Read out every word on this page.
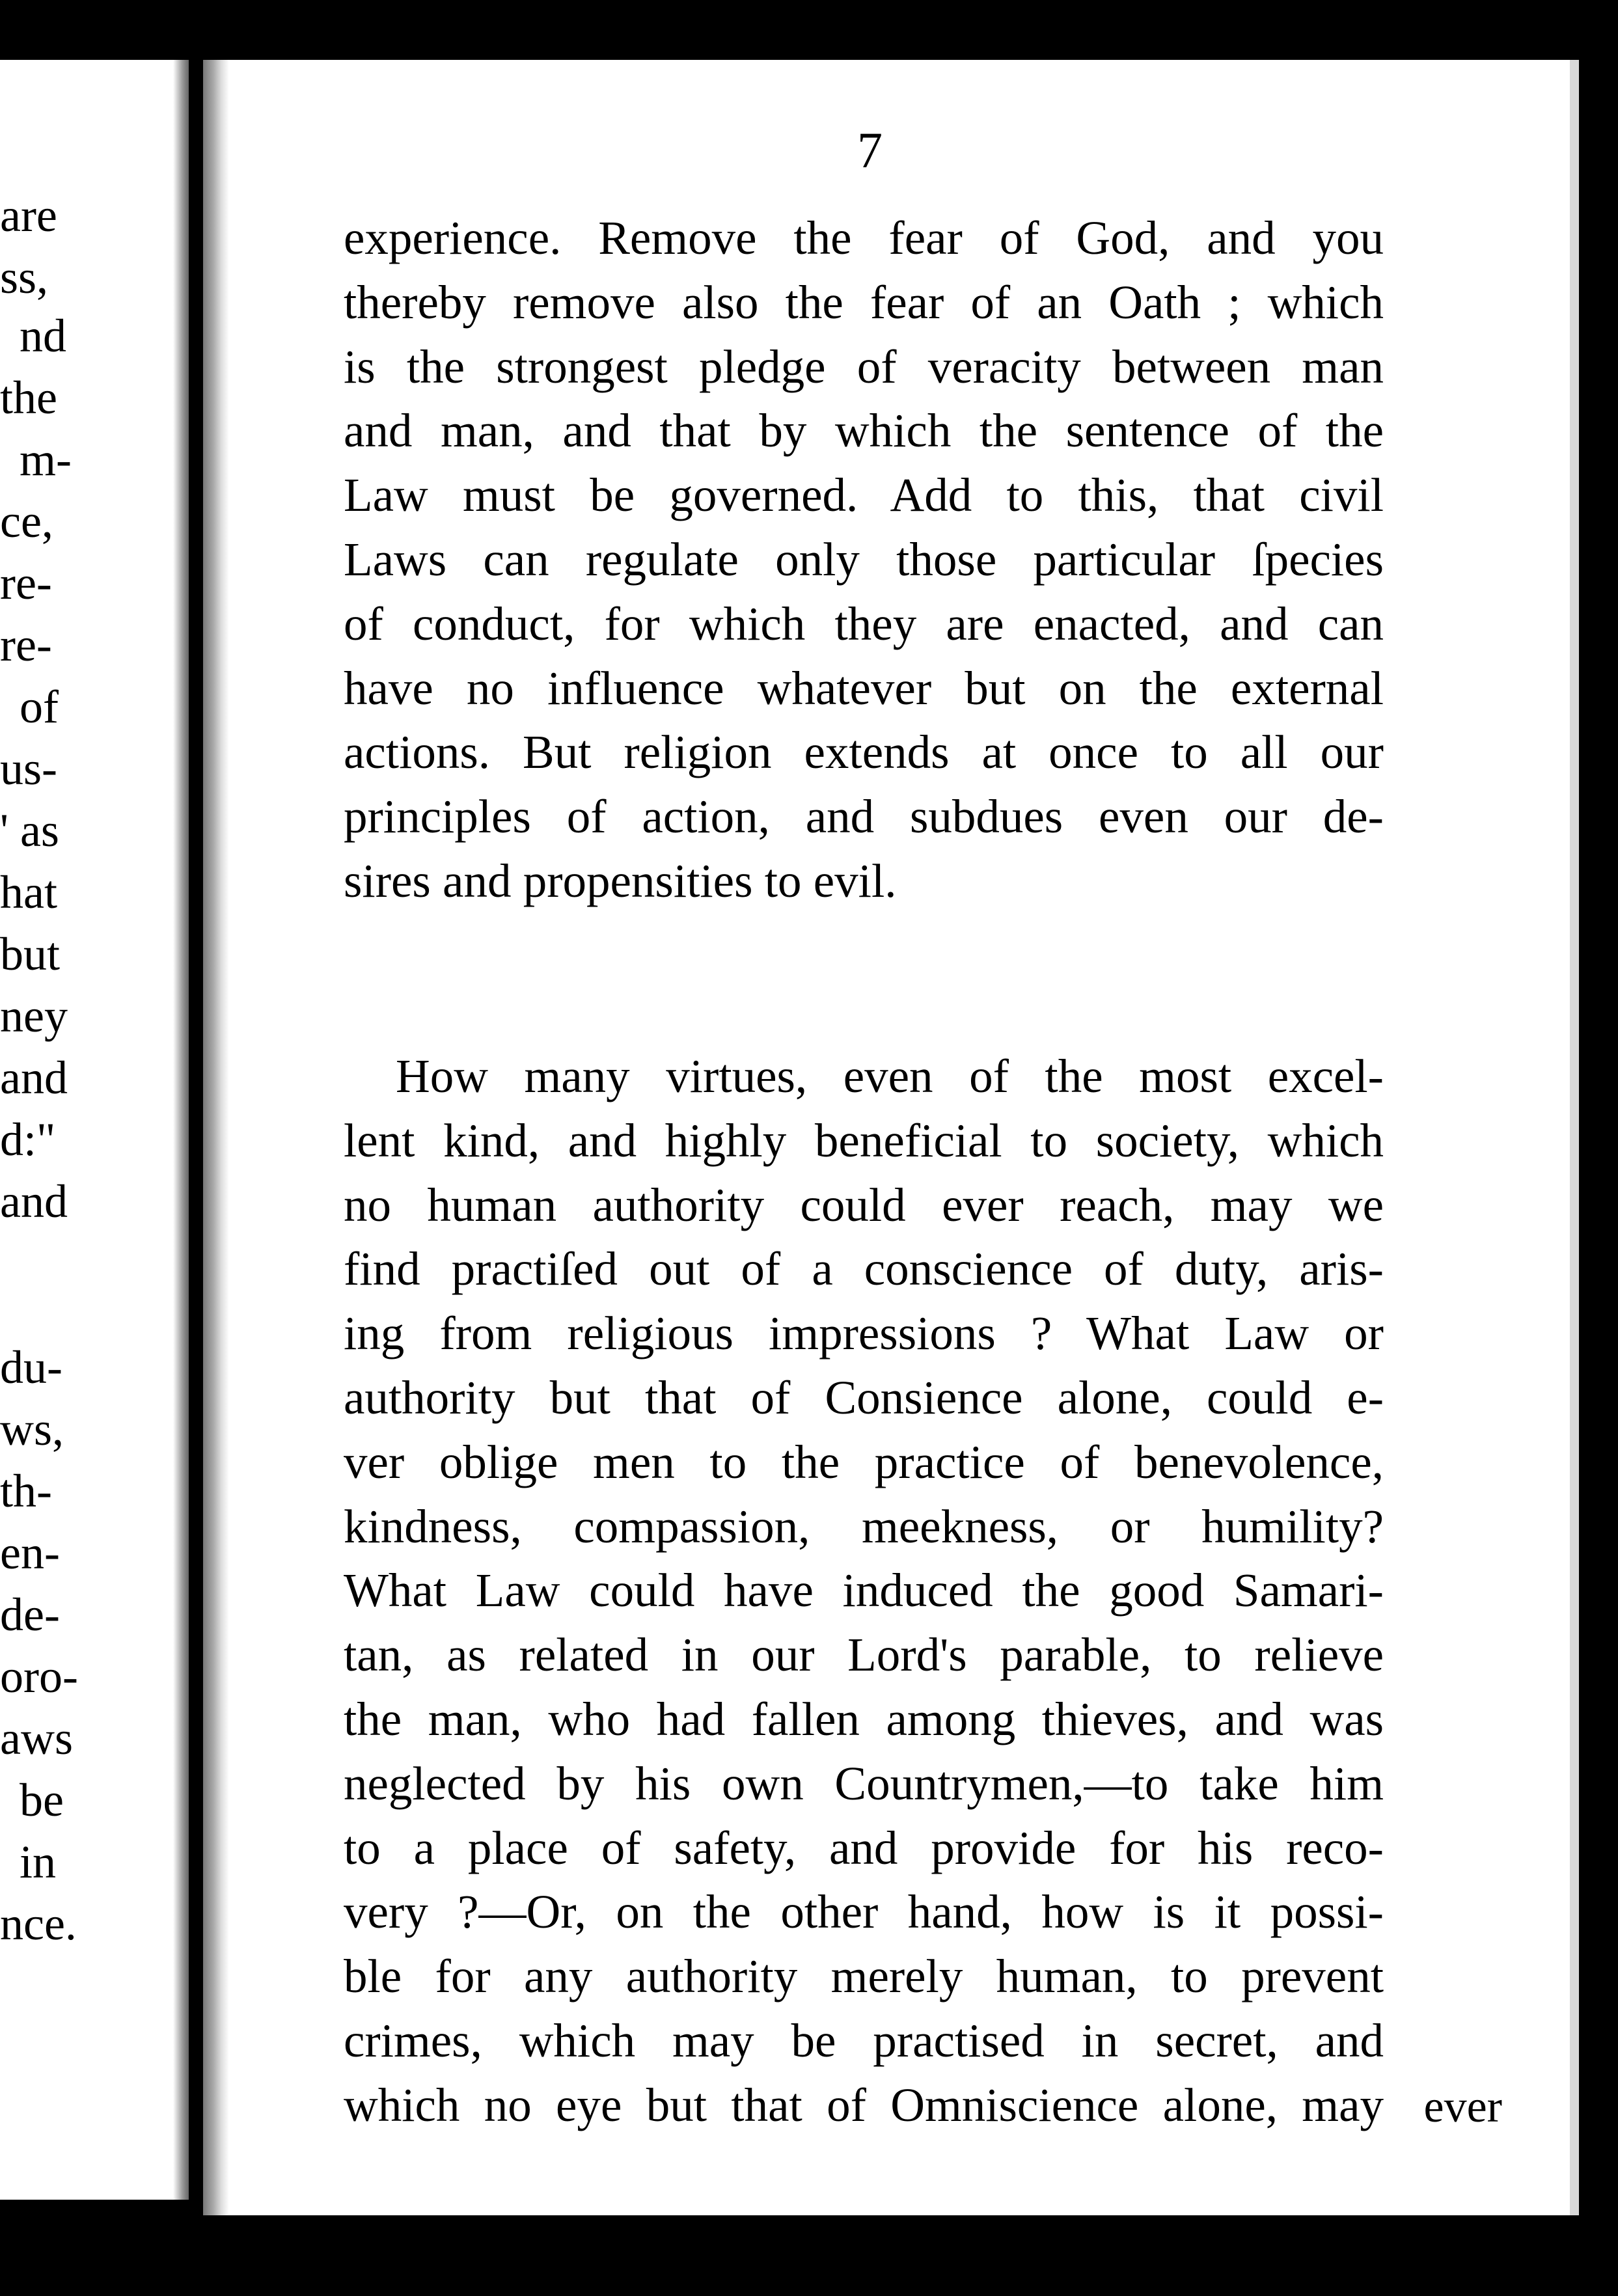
are
ss,
nd
the
m-
ce,
re-
re-
of
us-
' as
hat
but
ney
and
d:"
and
du-
ws,
th-
en-
de-
oro-
aws
be
in
nce.
7
experience. Remove the fear of God, and you
thereby remove also the fear of an Oath ; which
is the strongest pledge of veracity between man
and man, and that by which the sentence of the
Law must be governed. Add to this, that civil
Laws can regulate only those particular ſpecies
of conduct, for which they are enacted, and can
have no influence whatever but on the external
actions. But religion extends at once to all our
principles of action, and subdues even our de-
sires and propensities to evil.
How many virtues, even of the most excel-
lent kind, and highly beneficial to society, which
no human authority could ever reach, may we
find practiſed out of a conscience of duty, aris-
ing from religious impressions ? What Law or
authority but that of Consience alone, could e-
ver oblige men to the practice of benevolence,
kindness, compassion, meekness, or humility?
What Law could have induced the good Samari-
tan, as related in our Lord's parable, to relieve
the man, who had fallen among thieves, and was
neglected by his own Countrymen,—to take him
to a place of safety, and provide for his reco-
very ?—Or, on the other hand, how is it possi-
ble for any authority merely human, to prevent
crimes, which may be practised in secret, and
which no eye but that of Omniscience alone, may ever
